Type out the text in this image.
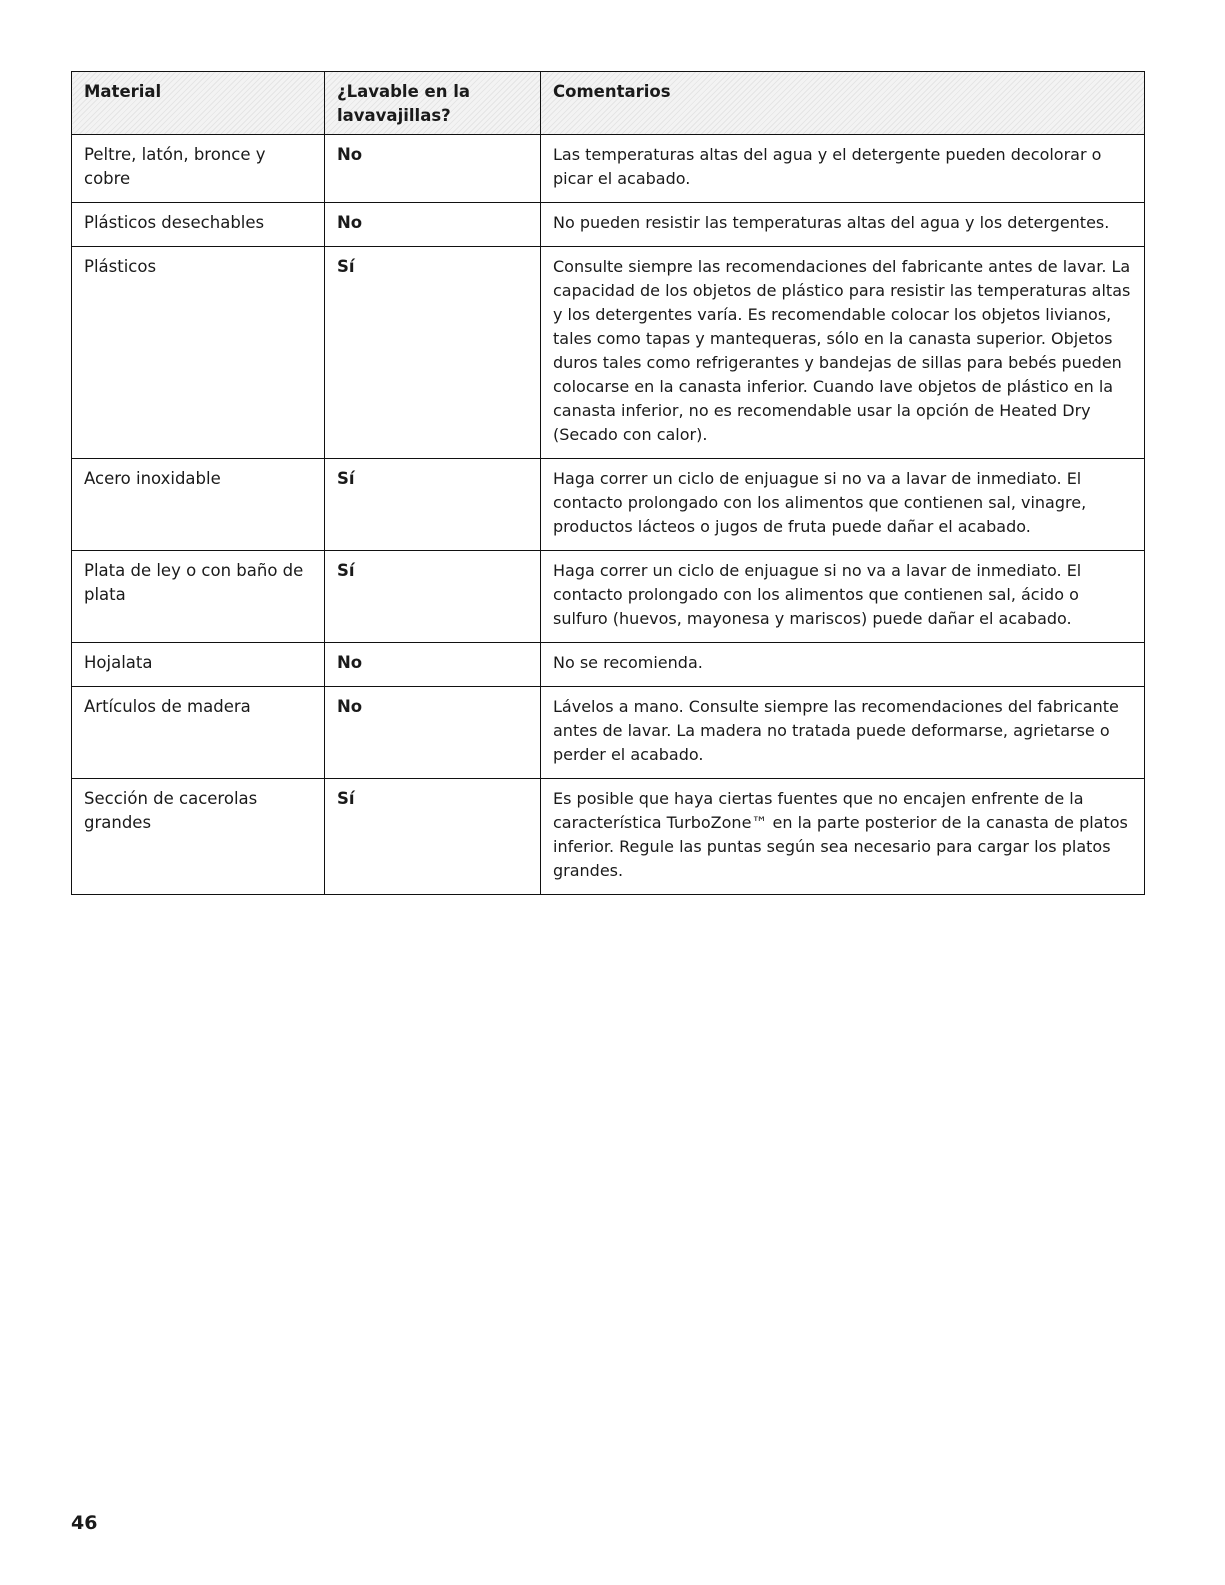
Material	¿Lavable en la lavavajillas?	Comentarios
Peltre, latón, bronce y cobre	No	Las temperaturas altas del agua y el detergente pueden decolorar o picar el acabado.
Plásticos desechables	No	No pueden resistir las temperaturas altas del agua y los detergentes.
Plásticos	Sí	Consulte siempre las recomendaciones del fabricante antes de lavar. La capacidad de los objetos de plástico para resistir las temperaturas altas y los detergentes varía. Es recomendable colocar los objetos livianos, tales como tapas y mantequeras, sólo en la canasta superior. Objetos duros tales como refrigerantes y bandejas de sillas para bebés pueden colocarse en la canasta inferior. Cuando lave objetos de plástico en la canasta inferior, no es recomendable usar la opción de Heated Dry (Secado con calor).
Acero inoxidable	Sí	Haga correr un ciclo de enjuague si no va a lavar de inmediato. El contacto prolongado con los alimentos que contienen sal, vinagre, productos lácteos o jugos de fruta puede dañar el acabado.
Plata de ley o con baño de plata	Sí	Haga correr un ciclo de enjuague si no va a lavar de inmediato. El contacto prolongado con los alimentos que contienen sal, ácido o sulfuro (huevos, mayonesa y mariscos) puede dañar el acabado.
Hojalata	No	No se recomienda.
Artículos de madera	No	Lávelos a mano. Consulte siempre las recomendaciones del fabricante antes de lavar. La madera no tratada puede deformarse, agrietarse o perder el acabado.
Sección de cacerolas grandes	Sí	Es posible que haya ciertas fuentes que no encajen enfrente de la característica TurboZone™ en la parte posterior de la canasta de platos inferior. Regule las puntas según sea necesario para cargar los platos grandes.
46
